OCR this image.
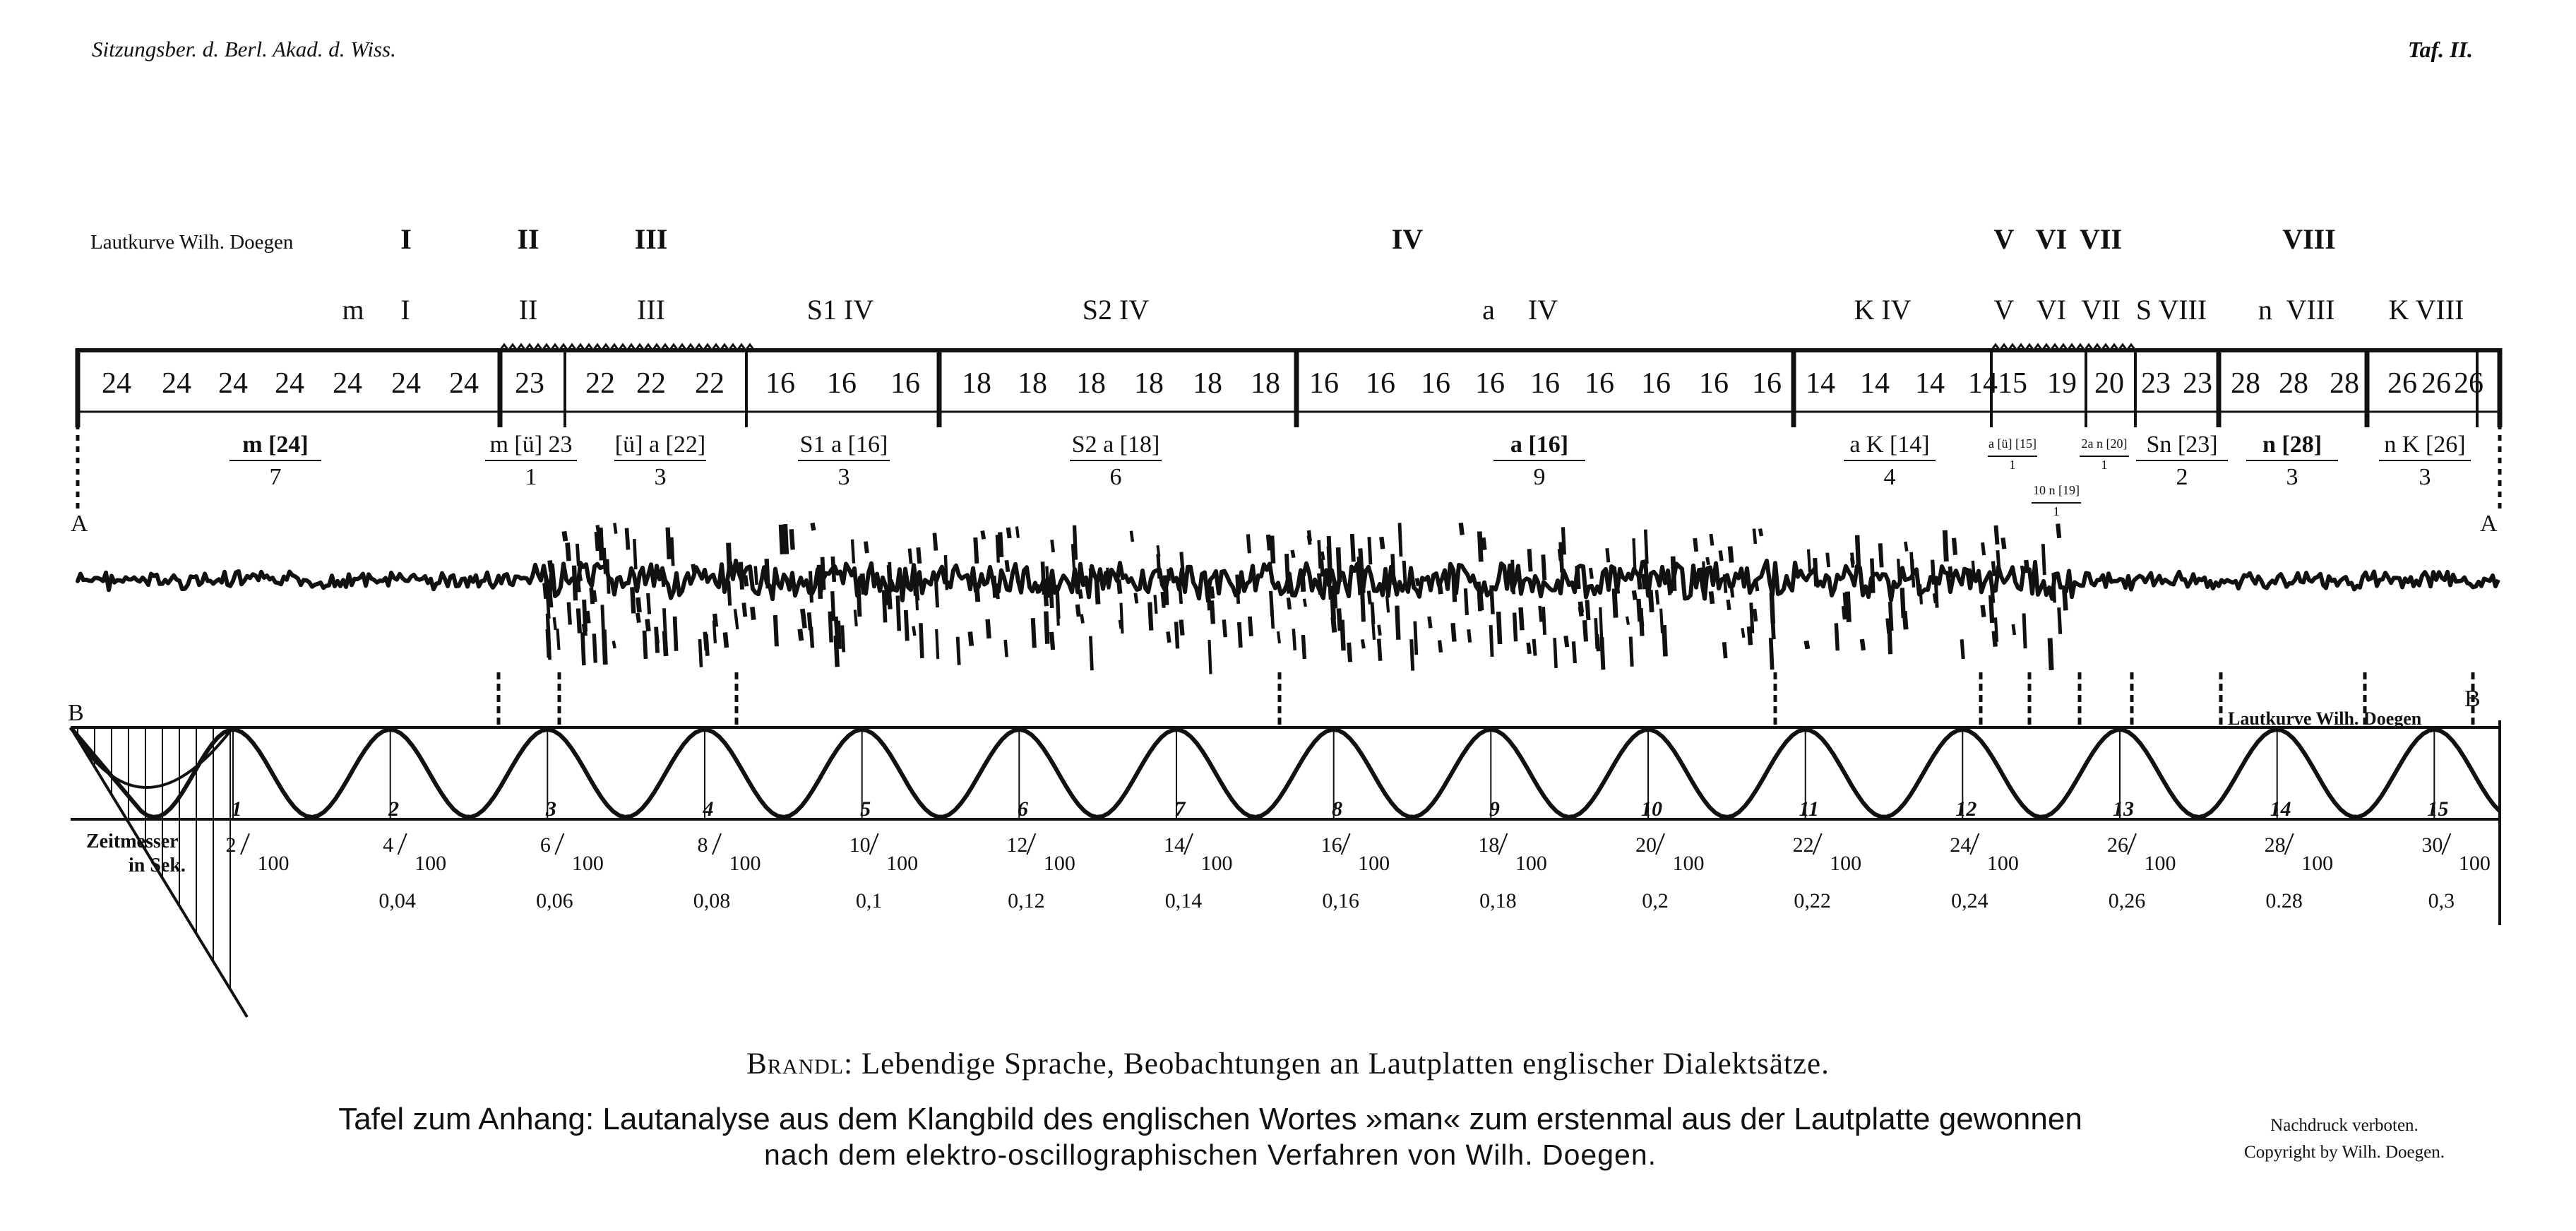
Sitzungsber. d. Berl. Akad. d. Wiss.	Taf. II.
Lautkurve Wilh. Doegen	I	II	III	IV	V VI VII	VIII
m I	II	III	S1 IV	S2 IV	a IV	K IV	V VI VII S VIII n VIII K VIII
24 24 24 24 24 24 24 23 22 22 22 16 16 16 18 18 18 18 18 18 16 16 16 16 16 16 16 16 16 14 14 14 14 15 19 20 23 23 28 28 28 26 26 26
m [24]
7
m [ü] 23
1
[ü] a [22]
3
S1 a [16]
3
S2 a [18]
6
a [16]
9
a K [14]
4
a [ü] [15]
1
10 n [19]
1
2a n [20]
1
Sn [23]
2
n [28]
3
n K [26]
3
A	A
B
B
Lautkurve Wilh. Doegen
Zeitmesser
in Sek.
1
2
100
2
4
100
3
6
100
4
8
100
5
10
100
6
12
100
7
14
100
8
16
100
9
18
100
10
20
100
11
22
100
12
24
100
13
26
100
14
28
100
15
30
100
0,04	0,06	0,08	0,1	0,12	0,14	0,16	0,18	0,2	0,22	0,24	0,26	0.28	0,3
Brandl: Lebendige Sprache, Beobachtungen an Lautplatten englischer Dialektsätze.
Tafel zum Anhang: Lautanalyse aus dem Klangbild des englischen Wortes »man« zum erstenmal aus der Lautplatte gewonnen
nach dem elektro-oscillographischen Verfahren von Wilh. Doegen.
Nachdruck verboten.
Copyright by Wilh. Doegen.
